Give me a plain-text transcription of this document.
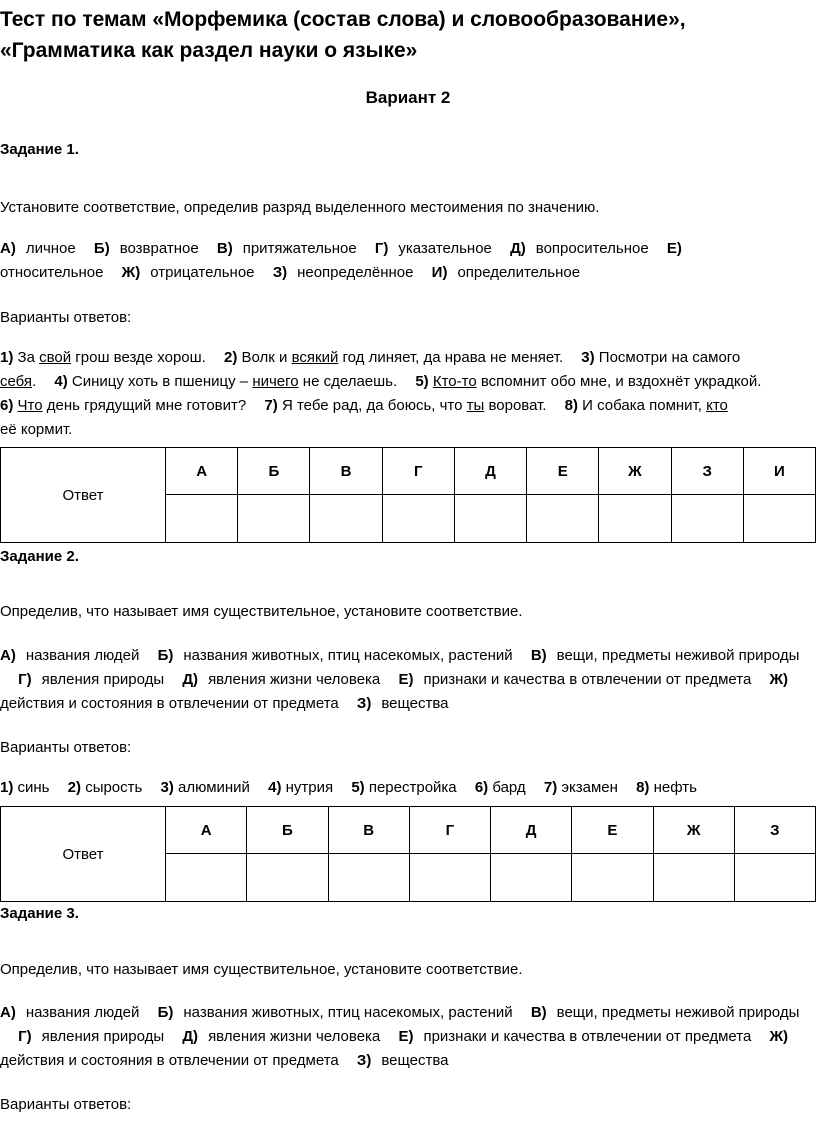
Тест по темам «Морфемика (состав слова) и словообразование»,
«Грамматика как раздел науки о языке»
Вариант 2
Задание 1.
Установите соответствие, определив разряд выделенного местоимения по значению.
А) личное Б) возвратное В) притяжательное Г) указательное Д) вопросительное Е)
относительное Ж) отрицательное З) неопределённое И) определительное
Варианты ответов:
1) За свой грош везде хорош. 2) Волк и всякий год линяет, да нрава не меняет. 3) Посмотри на самого
себя. 4) Синицу хоть в пшеницу – ничего не сделаешь. 5) Кто-то вспомнит обо мне, и вздохнёт украдкой.
6) Что день грядущий мне готовит? 7) Я тебе рад, да боюсь, что ты вороват. 8) И собака помнит, кто
её кормит.
Ответ	А	Б	В	Г	Д	Е	Ж	З	И

Задание 2.
Определив, что называет имя существительное, установите соответствие.
А) названия людей Б) названия животных, птиц насекомых, растений В) вещи, предметы неживой природы Г) явления природы Д) явления жизни человека Е) признаки и качества в отвлечении от предмета Ж)действия и состояния в отвлечении от предмета З) вещества
Варианты ответов:
1) синь 2) сырость 3) алюминий 4) нутрия 5) перестройка 6) бард 7) экзамен 8) нефть
Ответ	А	Б	В	Г	Д	Е	Ж	З

Задание 3.
Определив, что называет имя существительное, установите соответствие.
А) названия людей Б) названия животных, птиц насекомых, растений В) вещи, предметы неживой природы Г) явления природы Д) явления жизни человека Е) признаки и качества в отвлечении от предмета Ж)действия и состояния в отвлечении от предмета З) вещества
Варианты ответов:
